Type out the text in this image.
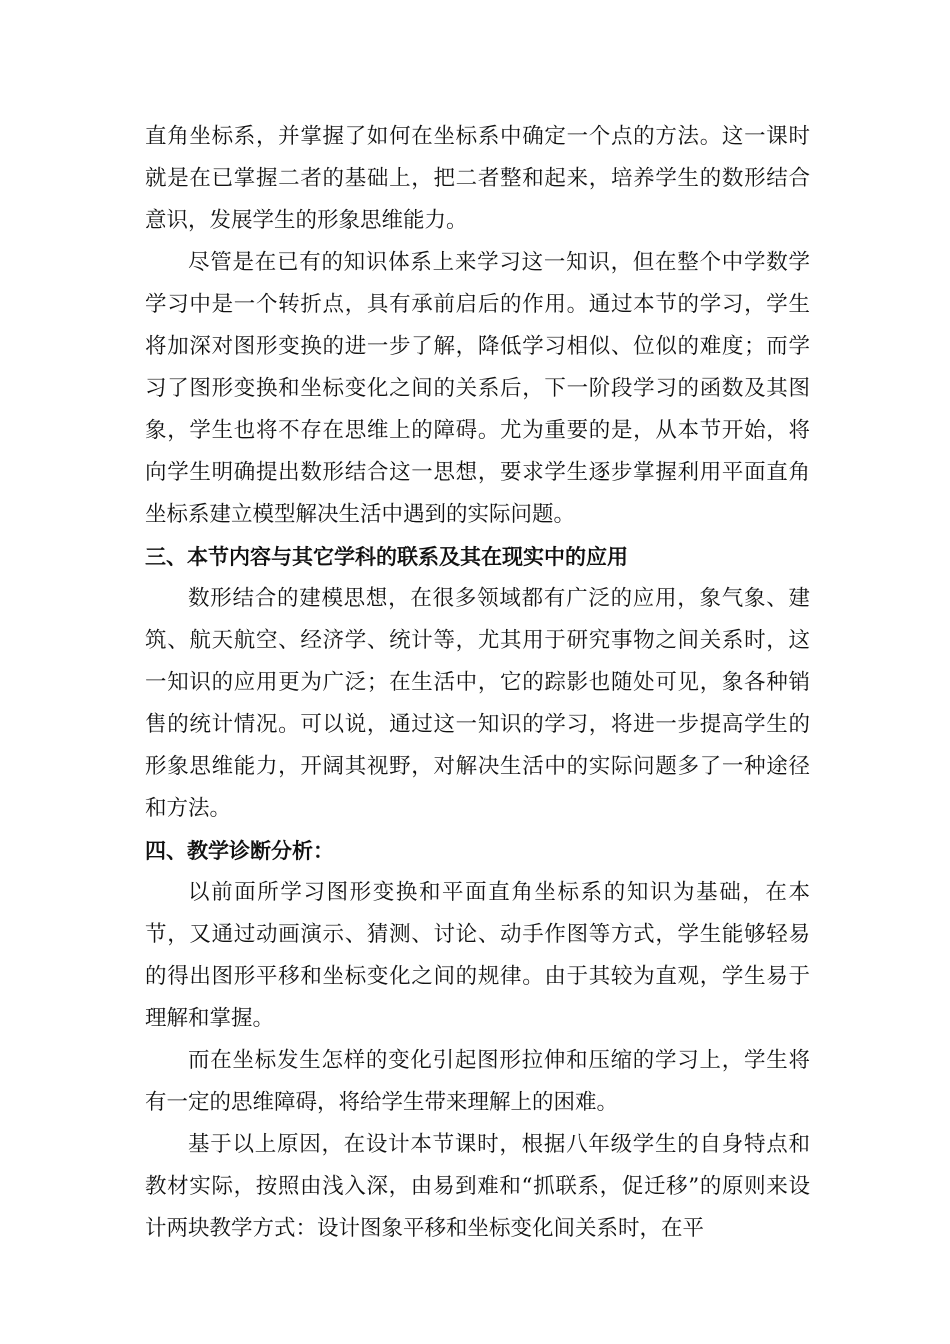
直角坐标系，并掌握了如何在坐标系中确定一个点的方法。这一课时就是在已掌握二者的基础上，把二者整和起来，培养学生的数形结合意识，发展学生的形象思维能力。

尽管是在已有的知识体系上来学习这一知识，但在整个中学数学学习中是一个转折点，具有承前启后的作用。通过本节的学习，学生将加深对图形变换的进一步了解，降低学习相似、位似的难度；而学习了图形变换和坐标变化之间的关系后，下一阶段学习的函数及其图象，学生也将不存在思维上的障碍。尤为重要的是，从本节开始，将向学生明确提出数形结合这一思想，要求学生逐步掌握利用平面直角坐标系建立模型解决生活中遇到的实际问题。

三、本节内容与其它学科的联系及其在现实中的应用

数形结合的建模思想，在很多领域都有广泛的应用，象气象、建筑、航天航空、经济学、统计等，尤其用于研究事物之间关系时，这一知识的应用更为广泛；在生活中，它的踪影也随处可见，象各种销售的统计情况。可以说，通过这一知识的学习，将进一步提高学生的形象思维能力，开阔其视野，对解决生活中的实际问题多了一种途径和方法。

四、教学诊断分析：

以前面所学习图形变换和平面直角坐标系的知识为基础，在本节，又通过动画演示、猜测、讨论、动手作图等方式，学生能够轻易的得出图形平移和坐标变化之间的规律。由于其较为直观，学生易于理解和掌握。

而在坐标发生怎样的变化引起图形拉伸和压缩的学习上，学生将有一定的思维障碍，将给学生带来理解上的困难。

基于以上原因，在设计本节课时，根据八年级学生的自身特点和教材实际，按照由浅入深，由易到难和“抓联系，促迁移”的原则来设计两块教学方式：设计图象平移和坐标变化间关系时，在平
